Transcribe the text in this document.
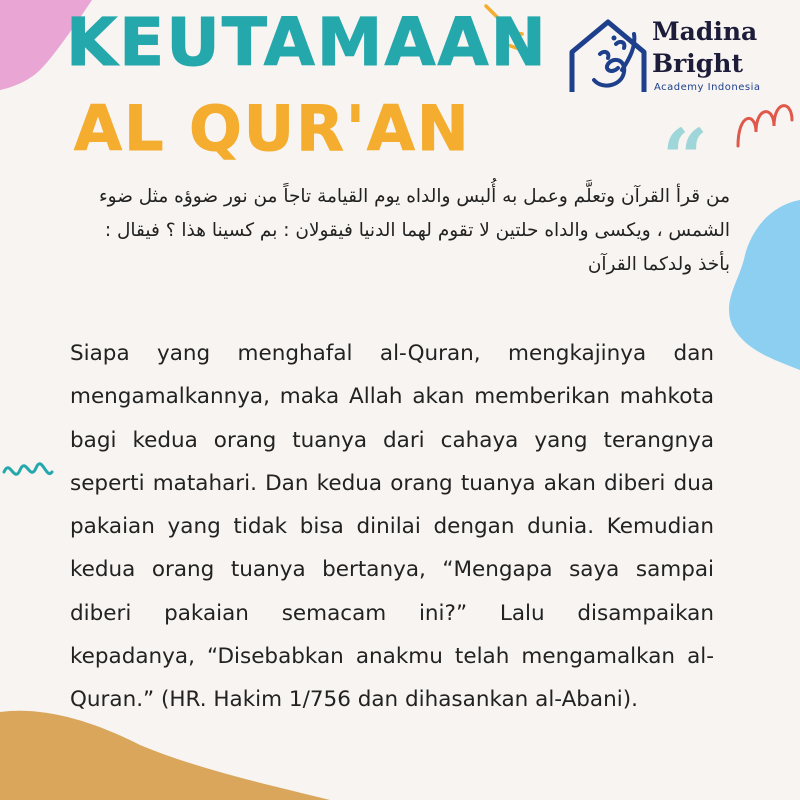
KEUTAMAAN
AL QUR'AN
Madina
Bright
Academy Indonesia
“
من قرأ القرآن وتعلَّم وعمل به أُلبس والداه يوم القيامة تاجاً من نور ضوؤه مثل ضوء الشمس ، ويكسى والداه حلتين لا تقوم لهما الدنيا فيقولان : بم كسينا هذا ؟ فيقال : بأخذ ولدكما القرآن
Siapa yang menghafal al-Quran, mengkajinya dan mengamalkannya, maka Allah akan memberikan mahkota bagi kedua orang tuanya dari cahaya yang terangnya seperti matahari. Dan kedua orang tuanya akan diberi dua pakaian yang tidak bisa dinilai dengan dunia. Kemudian kedua orang tuanya bertanya, “Mengapa saya sampai diberi pakaian semacam ini?” Lalu disampaikan kepadanya, “Disebabkan anakmu telah mengamalkan al-Quran.” (HR. Hakim 1/756 dan dihasankan al-Abani).
